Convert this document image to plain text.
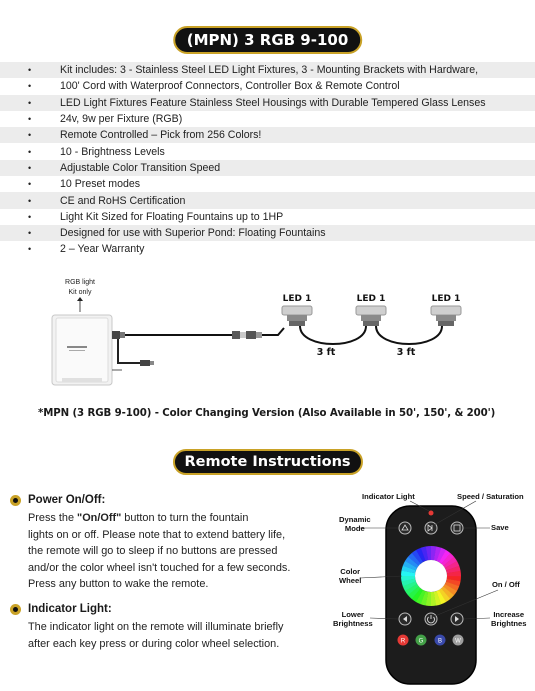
(MPN) 3 RGB 9-100
•	Kit includes: 3 - Stainless Steel LED Light Fixtures, 3 - Mounting Brackets with Hardware,
•	100' Cord with Waterproof Connectors, Controller Box & Remote Control
•	LED Light Fixtures Feature Stainless Steel Housings with Durable Tempered Glass Lenses
•	24v, 9w per Fixture (RGB)
•	Remote Controlled – Pick from 256 Colors!
•	10 - Brightness Levels
•	Adjustable Color Transition Speed
•	10 Preset modes
•	CE and RoHS Certification
•	Light Kit Sized for Floating Fountains up to 1HP
•	Designed for use with Superior Pond: Floating Fountains
•	2 – Year Warranty
RGB light
Kit only
LED 1	LED 1	LED 1
3 ft	3 ft
*MPN (3 RGB 9-100) - Color Changing Version (Also Available in 50', 150', & 200')
Remote Instructions
Power On/Off:
Press the "On/Off" button to turn the fountain
lights on or off. Please note that to extend battery life,
the remote will go to sleep if no buttons are pressed
and/or the color wheel isn't touched for a few seconds.
Press any button to wake the remote.
Indicator Light:
The indicator light on the remote will illuminate briefly
after each key press or during color wheel selection.	R G B W
Indicator Light	Speed / Saturation
Dynamic
Mode	Save
Color
Wheel	On / Off
Lower
Brightness
Increase
Brightnes
